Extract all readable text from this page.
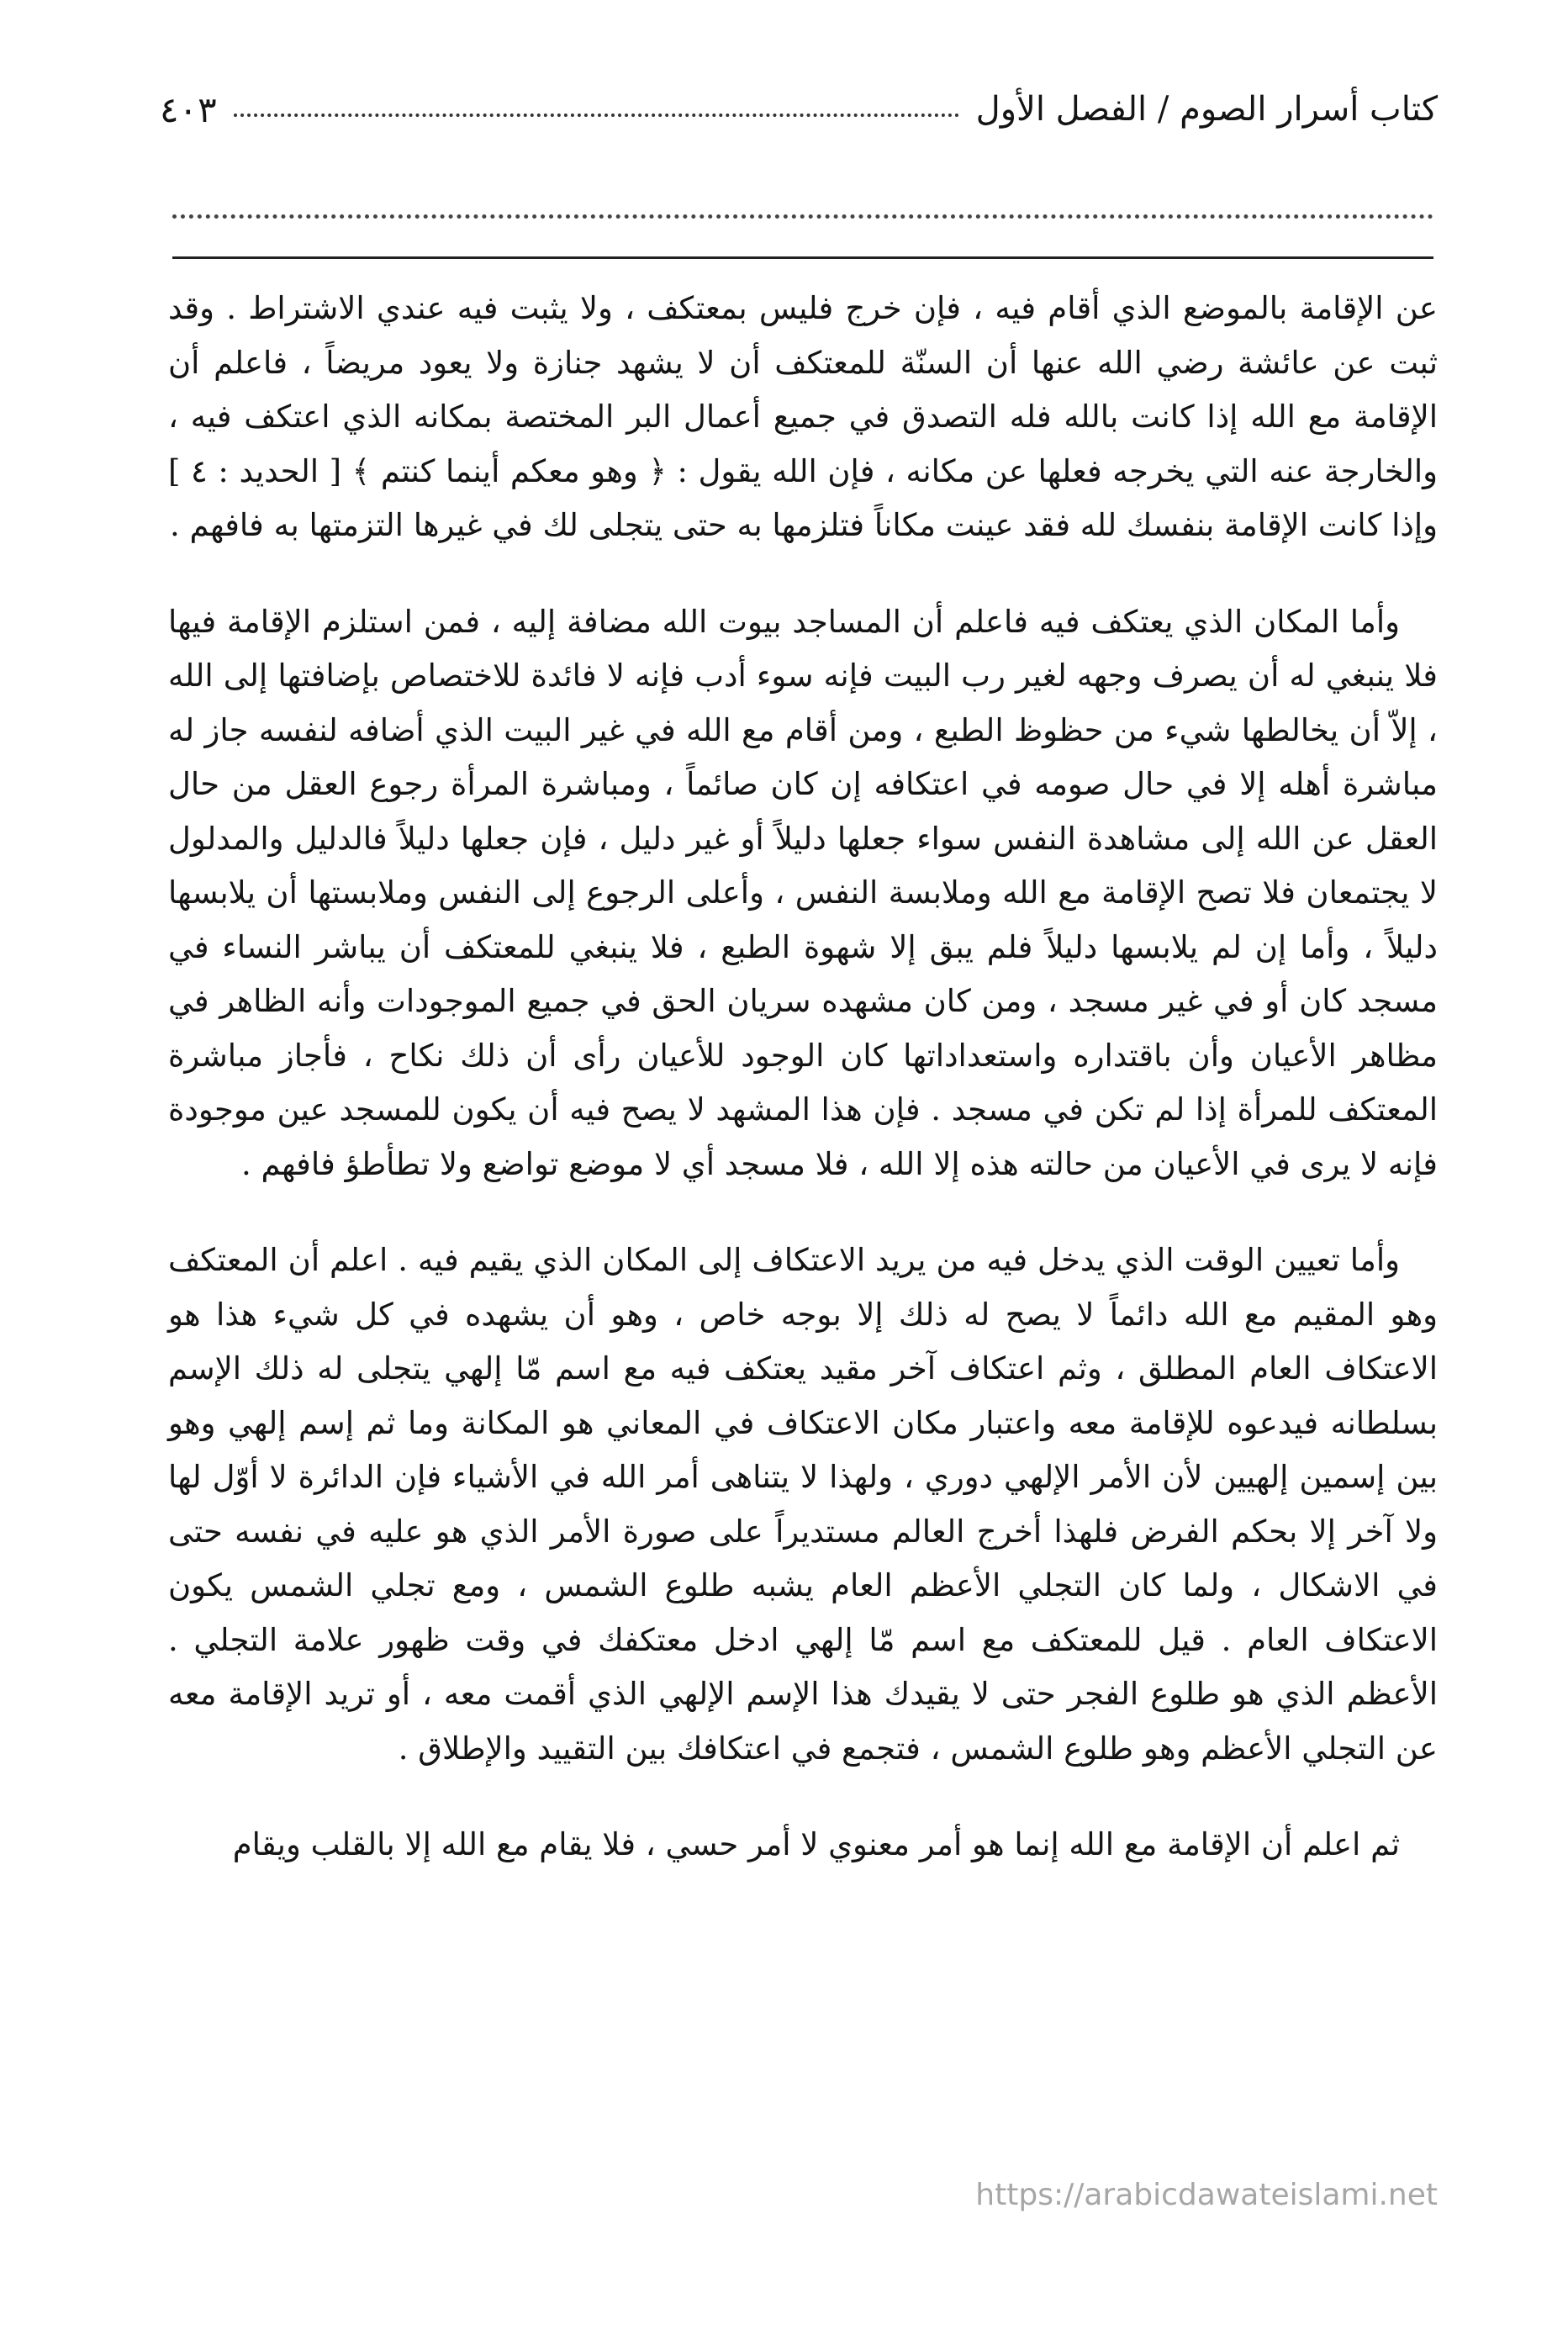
كتاب أسرار الصوم / الفصل الأول
٤٠٣

عن الإقامة بالموضع الذي أقام فيه ، فإن خرج فليس بمعتكف ، ولا يثبت فيه عندي الاشتراط . وقد ثبت عن عائشة رضي الله عنها أن السنّة للمعتكف أن لا يشهد جنازة ولا يعود مريضاً ، فاعلم أن الإقامة مع الله إذا كانت بالله فله التصدق في جميع أعمال البر المختصة بمكانه الذي اعتكف فيه ، والخارجة عنه التي يخرجه فعلها عن مكانه ، فإن الله يقول : ﴿ وهو معكم أينما كنتم ﴾ [ الحديد : ٤ ] وإذا كانت الإقامة بنفسك لله فقد عينت مكاناً فتلزمها به حتى يتجلى لك في غيرها التزمتها به فافهم .

وأما المكان الذي يعتكف فيه فاعلم أن المساجد بيوت الله مضافة إليه ، فمن استلزم الإقامة فيها فلا ينبغي له أن يصرف وجهه لغير رب البيت فإنه سوء أدب فإنه لا فائدة للاختصاص بإضافتها إلى الله ، إلاّ أن يخالطها شيء من حظوظ الطبع ، ومن أقام مع الله في غير البيت الذي أضافه لنفسه جاز له مباشرة أهله إلا في حال صومه في اعتكافه إن كان صائماً ، ومباشرة المرأة رجوع العقل من حال العقل عن الله إلى مشاهدة النفس سواء جعلها دليلاً أو غير دليل ، فإن جعلها دليلاً فالدليل والمدلول لا يجتمعان فلا تصح الإقامة مع الله وملابسة النفس ، وأعلى الرجوع إلى النفس وملابستها أن يلابسها دليلاً ، وأما إن لم يلابسها دليلاً فلم يبق إلا شهوة الطبع ، فلا ينبغي للمعتكف أن يباشر النساء في مسجد كان أو في غير مسجد ، ومن كان مشهده سريان الحق في جميع الموجودات وأنه الظاهر في مظاهر الأعيان وأن باقتداره واستعداداتها كان الوجود للأعيان رأى أن ذلك نكاح ، فأجاز مباشرة المعتكف للمرأة إذا لم تكن في مسجد . فإن هذا المشهد لا يصح فيه أن يكون للمسجد عين موجودة فإنه لا يرى في الأعيان من حالته هذه إلا الله ، فلا مسجد أي لا موضع تواضع ولا تطأطؤ فافهم .

وأما تعيين الوقت الذي يدخل فيه من يريد الاعتكاف إلى المكان الذي يقيم فيه . اعلم أن المعتكف وهو المقيم مع الله دائماً لا يصح له ذلك إلا بوجه خاص ، وهو أن يشهده في كل شيء هذا هو الاعتكاف العام المطلق ، وثم اعتكاف آخر مقيد يعتكف فيه مع اسم مّا إلهي يتجلى له ذلك الإسم بسلطانه فيدعوه للإقامة معه واعتبار مكان الاعتكاف في المعاني هو المكانة وما ثم إسم إلهي وهو بين إسمين إلهيين لأن الأمر الإلهي دوري ، ولهذا لا يتناهى أمر الله في الأشياء فإن الدائرة لا أوّل لها ولا آخر إلا بحكم الفرض فلهذا أخرج العالم مستديراً على صورة الأمر الذي هو عليه في نفسه حتى في الاشكال ، ولما كان التجلي الأعظم العام يشبه طلوع الشمس ، ومع تجلي الشمس يكون الاعتكاف العام . قيل للمعتكف مع اسم مّا إلهي ادخل معتكفك في وقت ظهور علامة التجلي . الأعظم الذي هو طلوع الفجر حتى لا يقيدك هذا الإسم الإلهي الذي أقمت معه ، أو تريد الإقامة معه عن التجلي الأعظم وهو طلوع الشمس ، فتجمع في اعتكافك بين التقييد والإطلاق .

ثم اعلم أن الإقامة مع الله إنما هو أمر معنوي لا أمر حسي ، فلا يقام مع الله إلا بالقلب ويقام

https://arabicdawateislami.net
